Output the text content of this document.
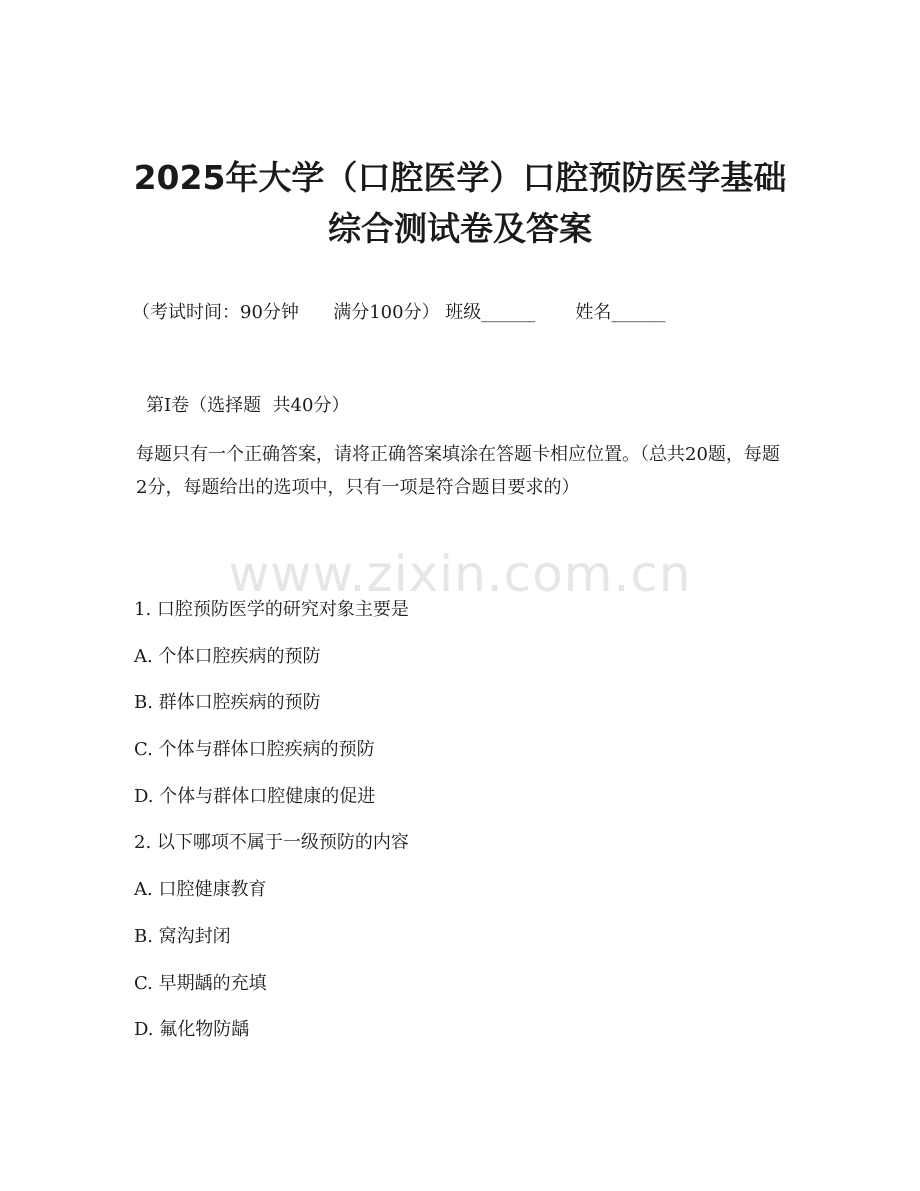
2025年大学（口腔医学）口腔预防医学基础
综合测试卷及答案
（考试时间：90分钟      满分100分） 班级______       姓名______
第I卷（选择题  共40分）

每题只有一个正确答案，请将正确答案填涂在答题卡相应位置。（总共20题，每题2分，每题给出的选项中，只有一项是符合题目要求的）

www.zixin.com.cn
1. 口腔预防医学的研究对象主要是
A. 个体口腔疾病的预防
B. 群体口腔疾病的预防
C. 个体与群体口腔疾病的预防
D. 个体与群体口腔健康的促进
2. 以下哪项不属于一级预防的内容
A. 口腔健康教育
B. 窝沟封闭
C. 早期龋的充填
D. 氟化物防龋
